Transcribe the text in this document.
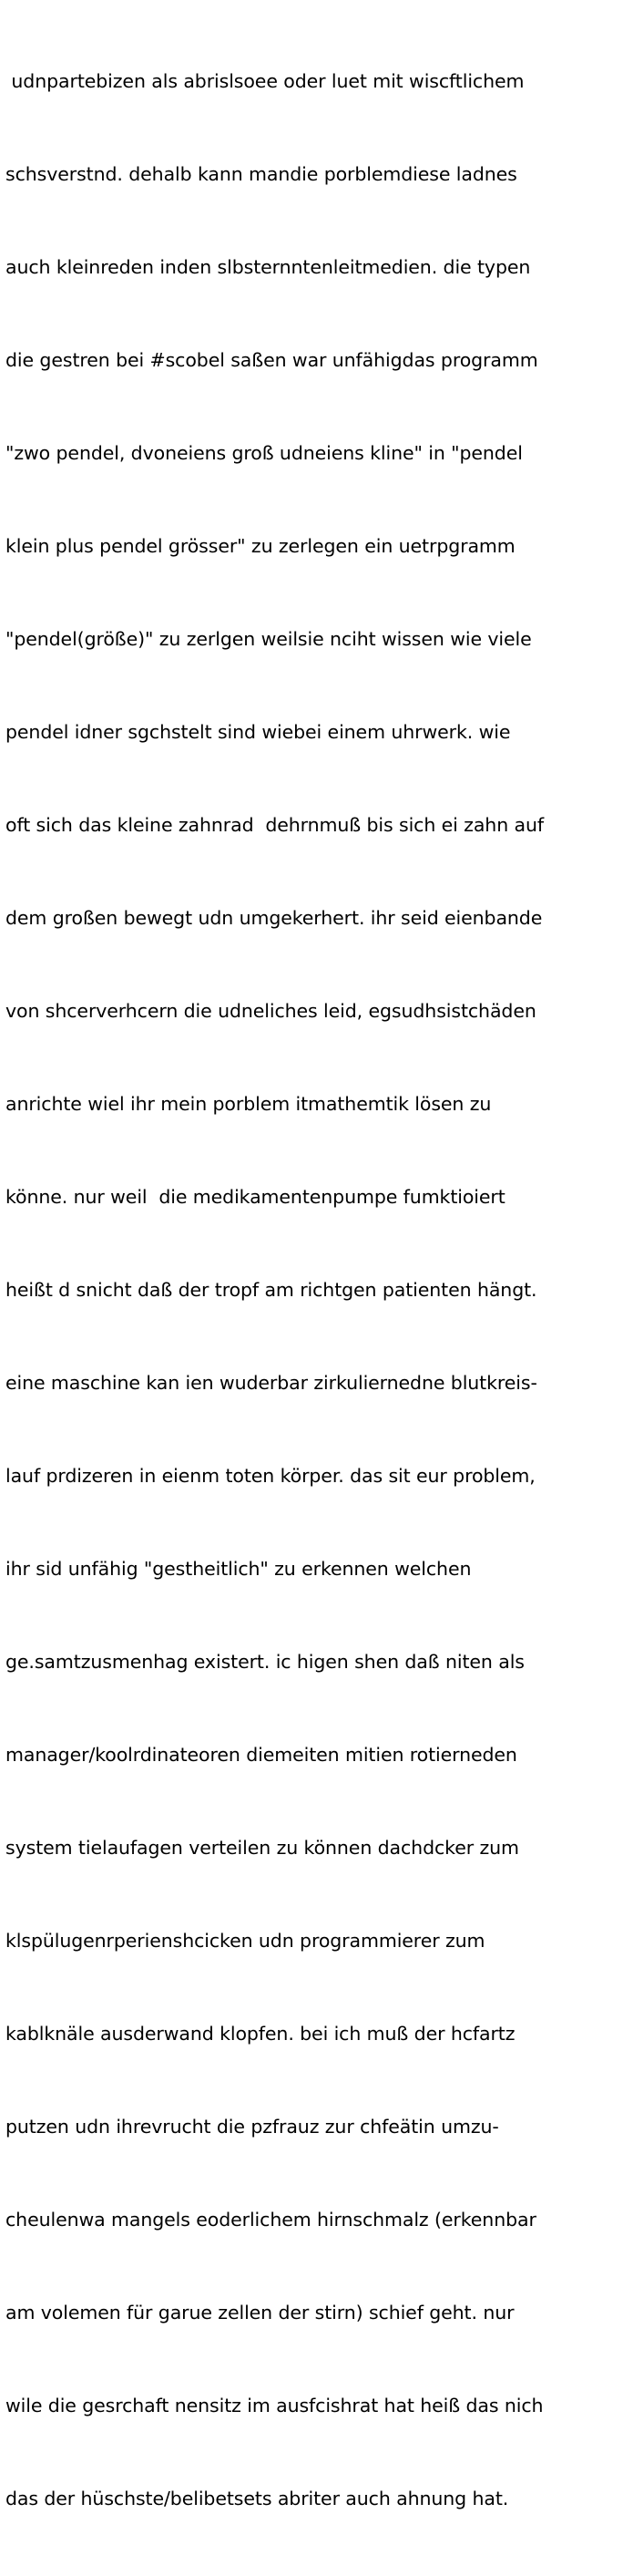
udnpartebizen als abrislsoee oder luet mit wiscftlichem

schsverstnd. dehalb kann mandie porblemdiese ladnes

auch kleinreden inden slbsternntenleitmedien. die typen

die gestren bei #scobel saßen war unfähigdas programm

"zwo pendel, dvoneiens groß udneiens kline" in "pendel

klein plus pendel grösser" zu zerlegen ein uetrpgramm

"pendel(größe)" zu zerlgen weilsie nciht wissen wie viele

pendel idner sgchstelt sind wiebei einem uhrwerk. wie

oft sich das kleine zahnrad  dehrnmuß bis sich ei zahn auf

dem großen bewegt udn umgekerhert. ihr seid eienbande

von shcerverhcern die udneliches leid, egsudhsistchäden

anrichte wiel ihr mein porblem itmathemtik lösen zu

könne. nur weil  die medikamentenpumpe fumktioiert

heißt d snicht daß der tropf am richtgen patienten hängt.

eine maschine kan ien wuderbar zirkuliernedne blutkreis-

lauf prdizeren in eienm toten körper. das sit eur problem,

ihr sid unfähig "gestheitlich" zu erkennen welchen

ge.samtzusmenhag existert. ic higen shen daß niten als

manager/koolrdinateoren diemeiten mitien rotierneden

system tielaufagen verteilen zu können dachdcker zum

klspülugenrperienshcicken udn programmierer zum

kablknäle ausderwand klopfen. bei ich muß der hcfartz

putzen udn ihrevrucht die pzfrauz zur chfeätin umzu-

cheulenwa mangels eoderlichem hirnschmalz (erkennbar

am volemen für garue zellen der stirn) schief geht. nur

wile die gesrchaft nensitz im ausfcishrat hat heiß das nich

das der hüschste/belibetsets abriter auch ahnung hat.
